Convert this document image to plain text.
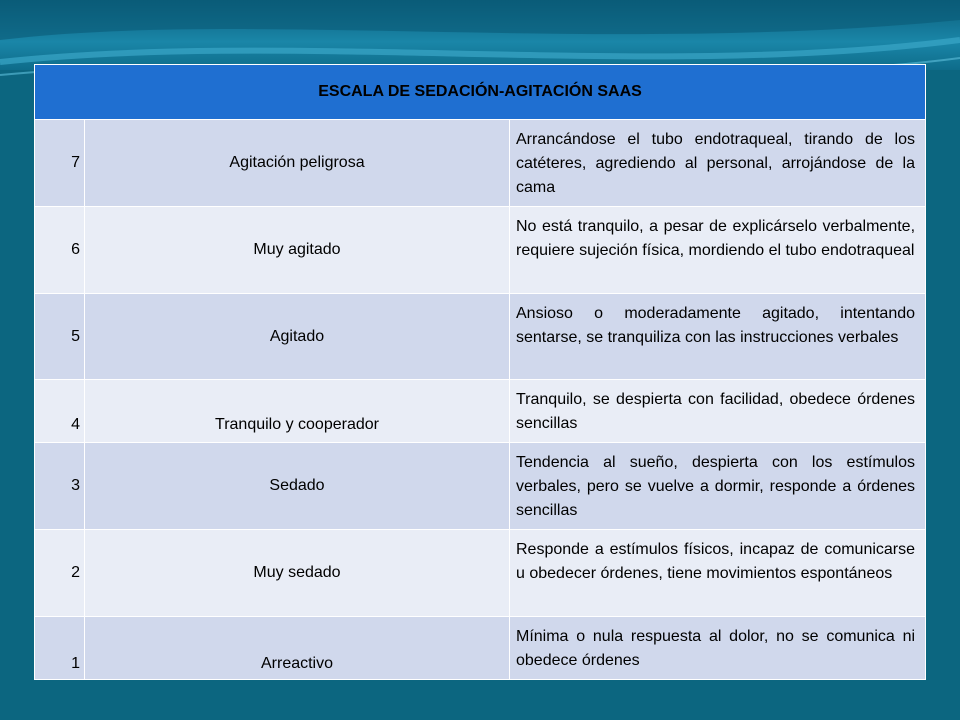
ESCALA DE SEDACIÓN-AGITACIÓN SAAS		
7	Agitación peligrosa	Arrancándose el tubo endotraqueal, tirando de los catéteres, agrediendo al personal, arrojándose de la cama
6	Muy agitado	No está tranquilo, a pesar de explicárselo verbalmente, requiere sujeción física, mordiendo el tubo endotraqueal
5	Agitado	Ansioso o moderadamente agitado, intentando sentarse, se tranquiliza con las instrucciones verbales
4	Tranquilo y cooperador	Tranquilo, se despierta con facilidad, obedece órdenes sencillas
3	Sedado	Tendencia al sueño, despierta con los estímulos verbales, pero se vuelve a dormir, responde a órdenes sencillas
2	Muy sedado	Responde a estímulos físicos, incapaz de comunicarse u obedecer órdenes, tiene movimientos espontáneos
1	Arreactivo	Mínima o nula respuesta al dolor, no se comunica ni obedece órdenes
